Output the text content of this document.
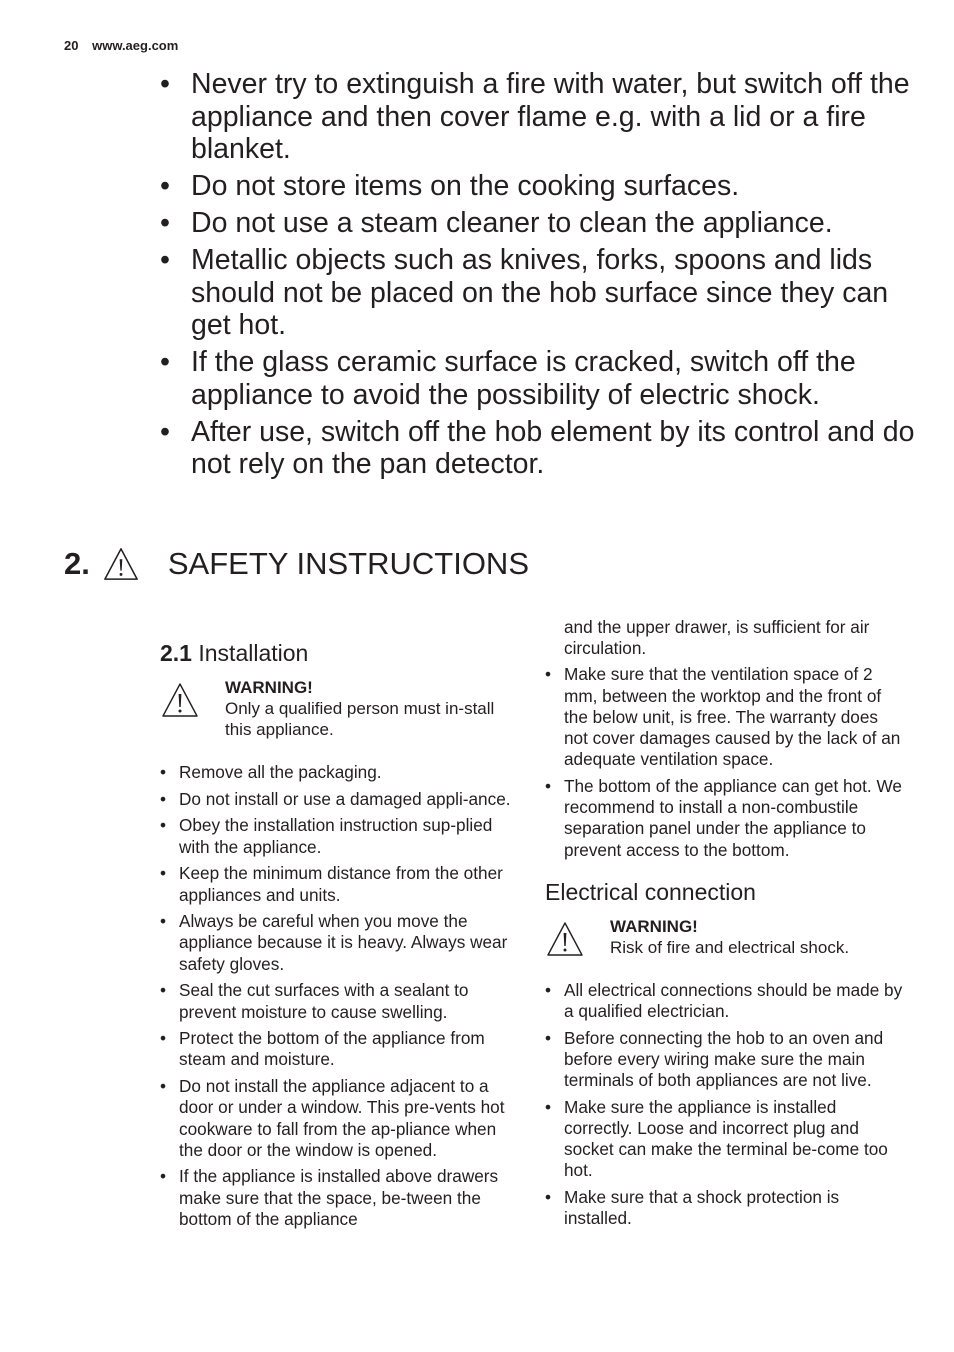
20 www.aeg.com
• Never try to extinguish a fire with water, but switch off the appliance and then cover flame e.g. with a lid or a fire blanket.
• Do not store items on the cooking surfaces.
• Do not use a steam cleaner to clean the appliance.
• Metallic objects such as knives, forks, spoons and lids should not be placed on the hob surface since they can get hot.
• If the glass ceramic surface is cracked, switch off the appliance to avoid the possibility of electric shock.
• After use, switch off the hob element by its control and do not rely on the pan detector.
2.	SAFETY INSTRUCTIONS
2.1 Installation
WARNING!
Only a qualified person must in-stall this appliance.
• Remove all the packaging.
• Do not install or use a damaged appli-ance.
• Obey the installation instruction sup-plied with the appliance.
• Keep the minimum distance from the other appliances and units.
• Always be careful when you move the appliance because it is heavy. Always wear safety gloves.
• Seal the cut surfaces with a sealant to prevent moisture to cause swelling.
• Protect the bottom of the appliance from steam and moisture.
• Do not install the appliance adjacent to a door or under a window. This pre-vents hot cookware to fall from the ap-pliance when the door or the window is opened.
• If the appliance is installed above drawers make sure that the space, be-tween the bottom of the appliance
and the upper drawer, is sufficient for air circulation.
• Make sure that the ventilation space of 2 mm, between the worktop and the front of the below unit, is free. The warranty does not cover damages caused by the lack of an adequate ventilation space.
• The bottom of the appliance can get hot. We recommend to install a non-combustile separation panel under the appliance to prevent access to the bottom.
Electrical connection
WARNING!
Risk of fire and electrical shock.
• All electrical connections should be made by a qualified electrician.
• Before connecting the hob to an oven and before every wiring make sure the main terminals of both appliances are not live.
• Make sure the appliance is installed correctly. Loose and incorrect plug and socket can make the terminal be-come too hot.
• Make sure that a shock protection is installed.
